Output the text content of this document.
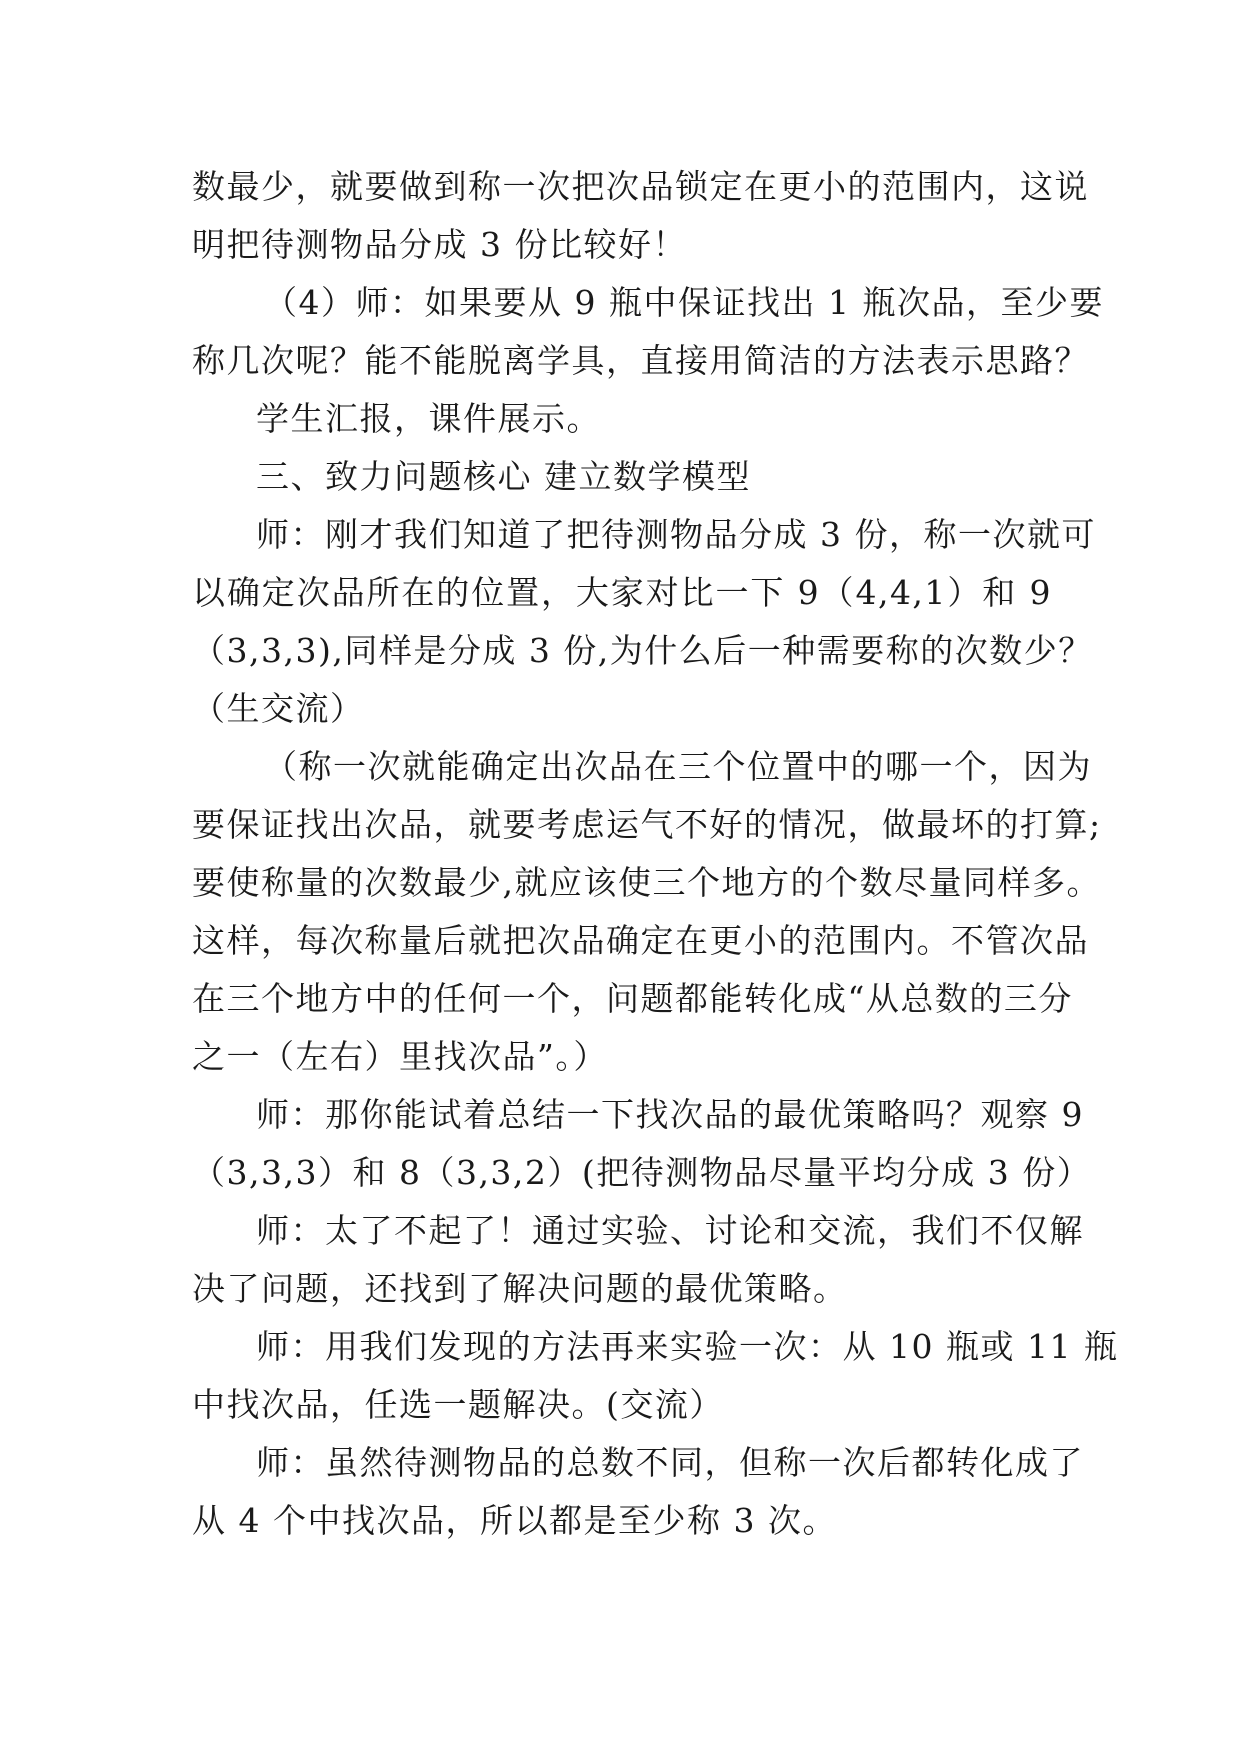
数最少，就要做到称一次把次品锁定在更小的范围内，这说
明把待测物品分成 3 份比较好！
（4）师：如果要从 9 瓶中保证找出 1 瓶次品，至少要
称几次呢？能不能脱离学具，直接用简洁的方法表示思路？
学生汇报，课件展示。
三、致力问题核心 建立数学模型
师：刚才我们知道了把待测物品分成 3 份，称一次就可
以确定次品所在的位置，大家对比一下 9（4,4,1）和 9
（3,3,3),同样是分成 3 份,为什么后一种需要称的次数少？
（生交流）
（称一次就能确定出次品在三个位置中的哪一个，因为
要保证找出次品，就要考虑运气不好的情况，做最坏的打算;
要使称量的次数最少,就应该使三个地方的个数尽量同样多。
这样，每次称量后就把次品确定在更小的范围内。不管次品
在三个地方中的任何一个，问题都能转化成“从总数的三分
之一（左右）里找次品”。）
师：那你能试着总结一下找次品的最优策略吗？观察 9
（3,3,3）和 8（3,3,2）(把待测物品尽量平均分成 3 份）
师：太了不起了！通过实验、讨论和交流，我们不仅解
决了问题，还找到了解决问题的最优策略。
师：用我们发现的方法再来实验一次：从 10 瓶或 11 瓶
中找次品，任选一题解决。(交流）
师：虽然待测物品的总数不同，但称一次后都转化成了
从 4 个中找次品，所以都是至少称 3 次。
